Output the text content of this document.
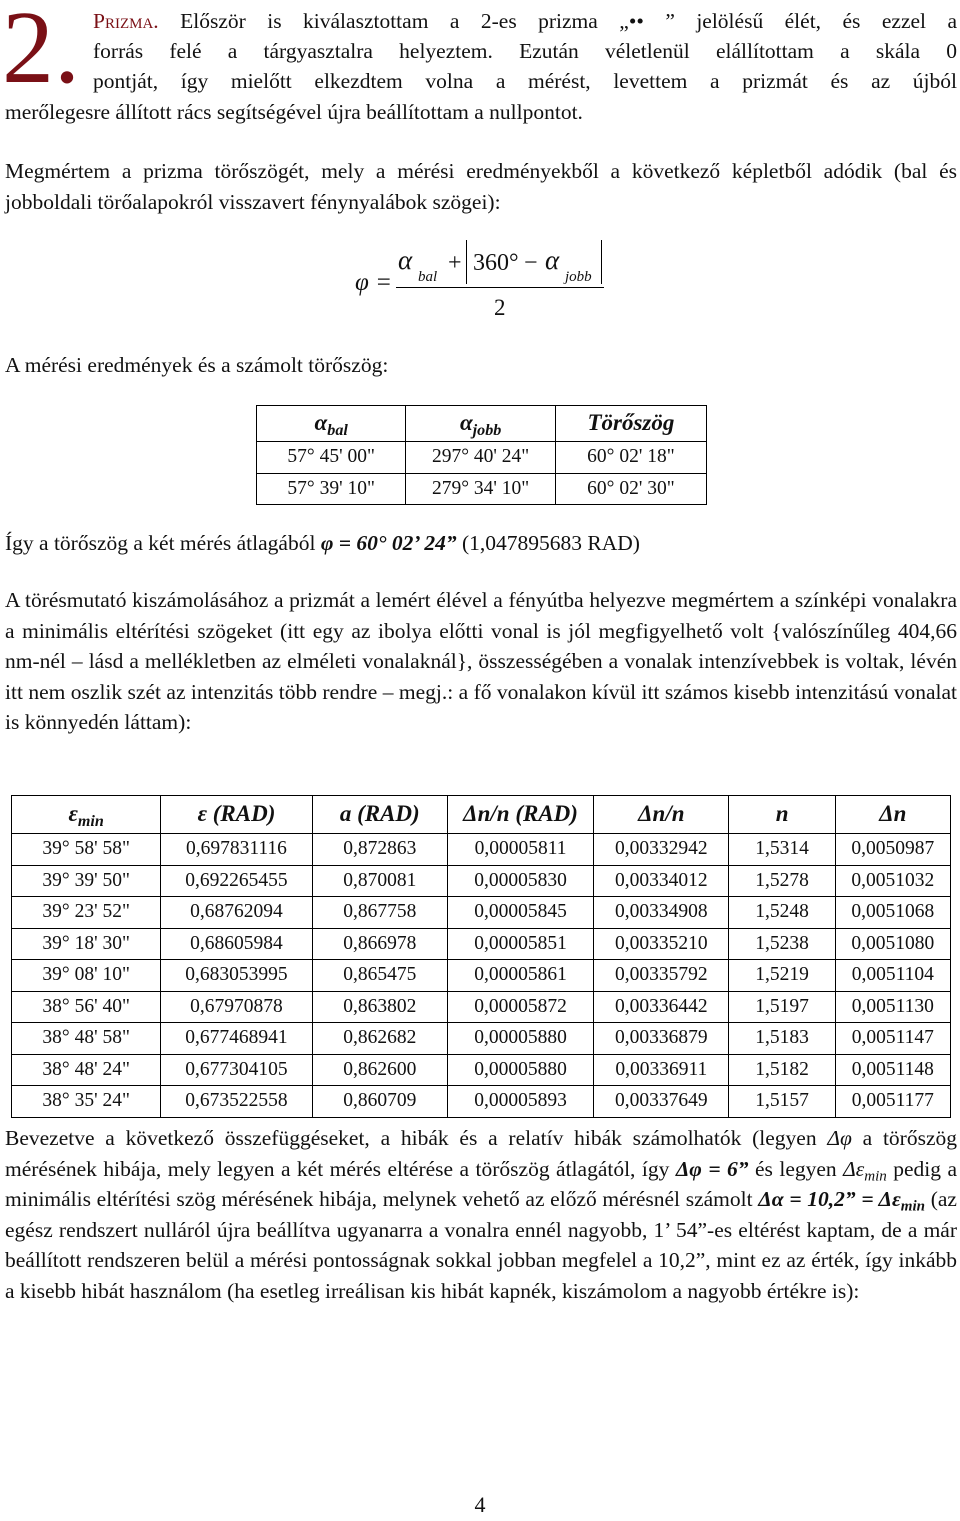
2. Prizma. Először is kiválasztottam a 2-es prizma „•• ” jelölésű élét, és ezzel a
forrás felé a tárgyasztalra helyeztem. Ezután véletlenül elállítottam a skála 0
pontját, így mielőtt elkezdtem volna a mérést, levettem a prizmát és az újból
merőlegesre állított rács segítségével újra beállítottam a nullpontot.
Megmértem a prizma törőszögét, mely a mérési eredményekből a következő képletből adódik (bal és jobboldali törőalapokról visszavert fénynyalábok szögei):
φ =
α
bal
+ 360° − α
jobb
2
A mérési eredmények és a számolt törőszög:
$\alpha_{bal}$	$\alpha_{jobb}$	Törőszög
57° 45' 00"	297° 40' 24"	60° 02' 18"
57° 39' 10"	279° 34' 10"	60° 02' 30"
Így a törőszög a két mérés átlagából φ = 60° 02’ 24” (1,047895683 RAD)
A törésmutató kiszámolásához a prizmát a lemért élével a fényútba helyezve megmértem a színképi vonalakra a minimális eltérítési szögeket (itt egy az ibolya előtti vonal is jól megfigyelhető volt {valószínűleg 404,66 nm-nél – lásd a mellékletben az elméleti vonalaknál}, összességében a vonalak intenzívebbek is voltak, lévén itt nem oszlik szét az intenzitás több rendre – megj.: a fő vonalakon kívül itt számos kisebb intenzitású vonalat is könnyedén láttam):
$\varepsilon_{min}$	ε (RAD)	a (RAD)	Δn/n (RAD)	Δn/n	n	Δn
39° 58' 58"	0,697831116	0,872863	0,00005811	0,00332942	1,5314	0,0050987
39° 39' 50"	0,692265455	0,870081	0,00005830	0,00334012	1,5278	0,0051032
39° 23' 52"	0,68762094	0,867758	0,00005845	0,00334908	1,5248	0,0051068
39° 18' 30"	0,68605984	0,866978	0,00005851	0,00335210	1,5238	0,0051080
39° 08' 10"	0,683053995	0,865475	0,00005861	0,00335792	1,5219	0,0051104
38° 56' 40"	0,67970878	0,863802	0,00005872	0,00336442	1,5197	0,0051130
38° 48' 58"	0,677468941	0,862682	0,00005880	0,00336879	1,5183	0,0051147
38° 48' 24"	0,677304105	0,862600	0,00005880	0,00336911	1,5182	0,0051148
38° 35' 24"	0,673522558	0,860709	0,00005893	0,00337649	1,5157	0,0051177
Bevezetve a következő összefüggéseket, a hibák és a relatív hibák számolhatók (legyen Δφ a törőszög mérésének hibája, mely legyen a két mérés eltérése a törőszög átlagától, így Δφ = 6” és legyen $\Delta\varepsilon_{min}$ pedig a minimális eltérítési szög mérésének hibája, melynek vehető az előző mérésnél számolt Δα = 10,2” = $\Delta\varepsilon_{min}$ (az egész rendszert nulláról újra beállítva ugyanarra a vonalra ennél nagyobb, 1’ 54”-es eltérést kaptam, de a már beállított rendszeren belül a mérési pontosságnak sokkal jobban megfelel a 10,2”, mint ez az érték, így inkább a kisebb hibát használom (ha esetleg irreálisan kis hibát kapnék, kiszámolom a nagyobb értékre is):
4
